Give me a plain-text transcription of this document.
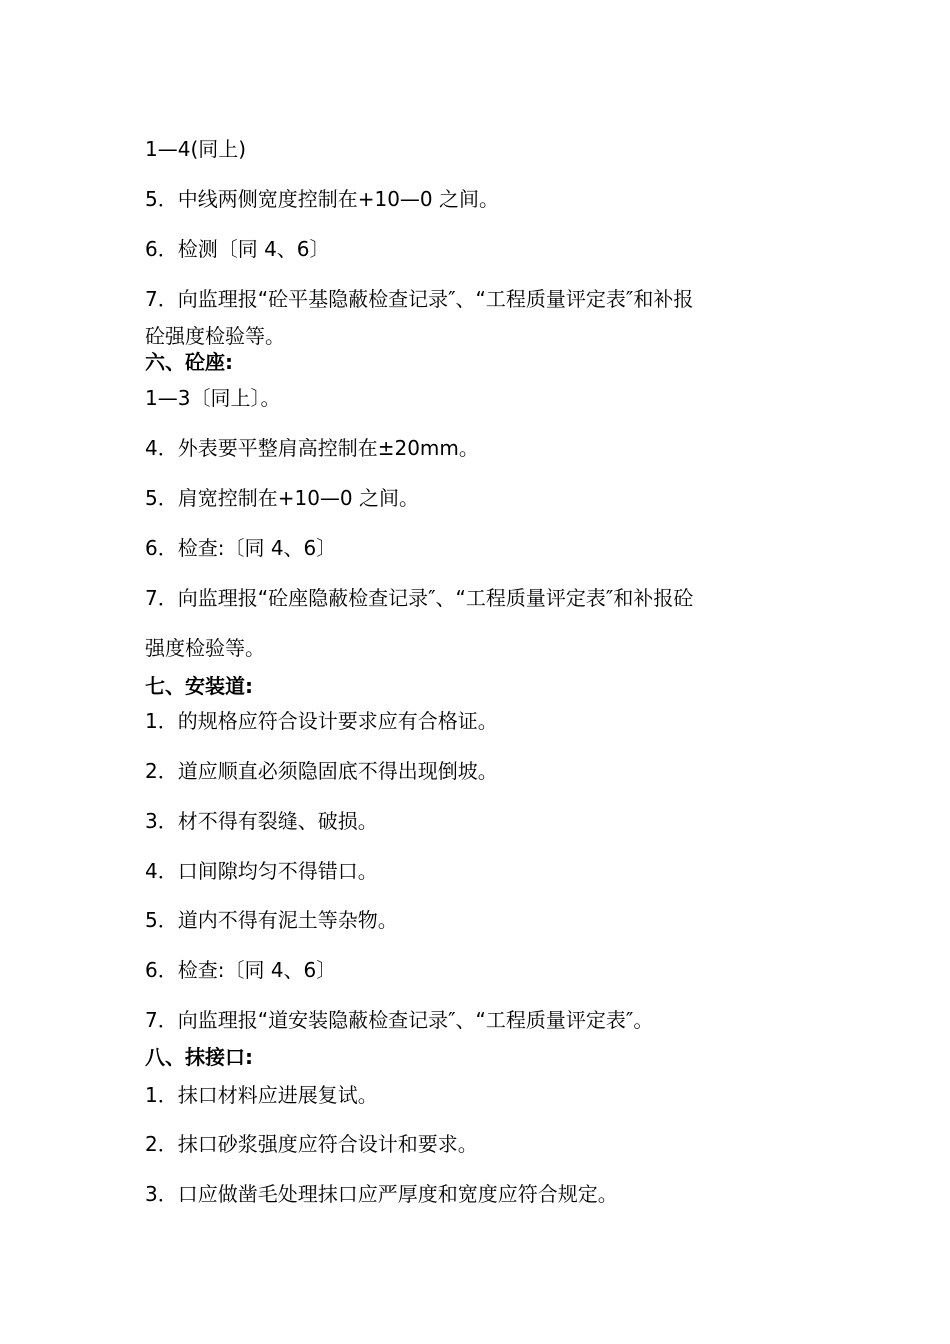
1—4(同上)

5．中线两侧宽度控制在+10—0 之间。

6．检测〔同 4、6〕

7．向监理报“砼平基隐蔽检查记录″、“工程质量评定表″和补报

砼强度检验等。

六、砼座:

1—3〔同上〕。

4．外表要平整肩高控制在±20mm。

5．肩宽控制在+10—0 之间。

6．检查:〔同 4、6〕

7．向监理报“砼座隐蔽检查记录″、“工程质量评定表″和补报砼

强度检验等。

七、安装道:

1．的规格应符合设计要求应有合格证。

2．道应顺直必须隐固底不得出现倒坡。

3．材不得有裂缝、破损。

4．口间隙均匀不得错口。

5．道内不得有泥土等杂物。

6．检查:〔同 4、6〕

7．向监理报“道安装隐蔽检查记录″、“工程质量评定表″。

八、抹接口:

1．抹口材料应进展复试。

2．抹口砂浆强度应符合设计和要求。

3．口应做凿毛处理抹口应严厚度和宽度应符合规定。
